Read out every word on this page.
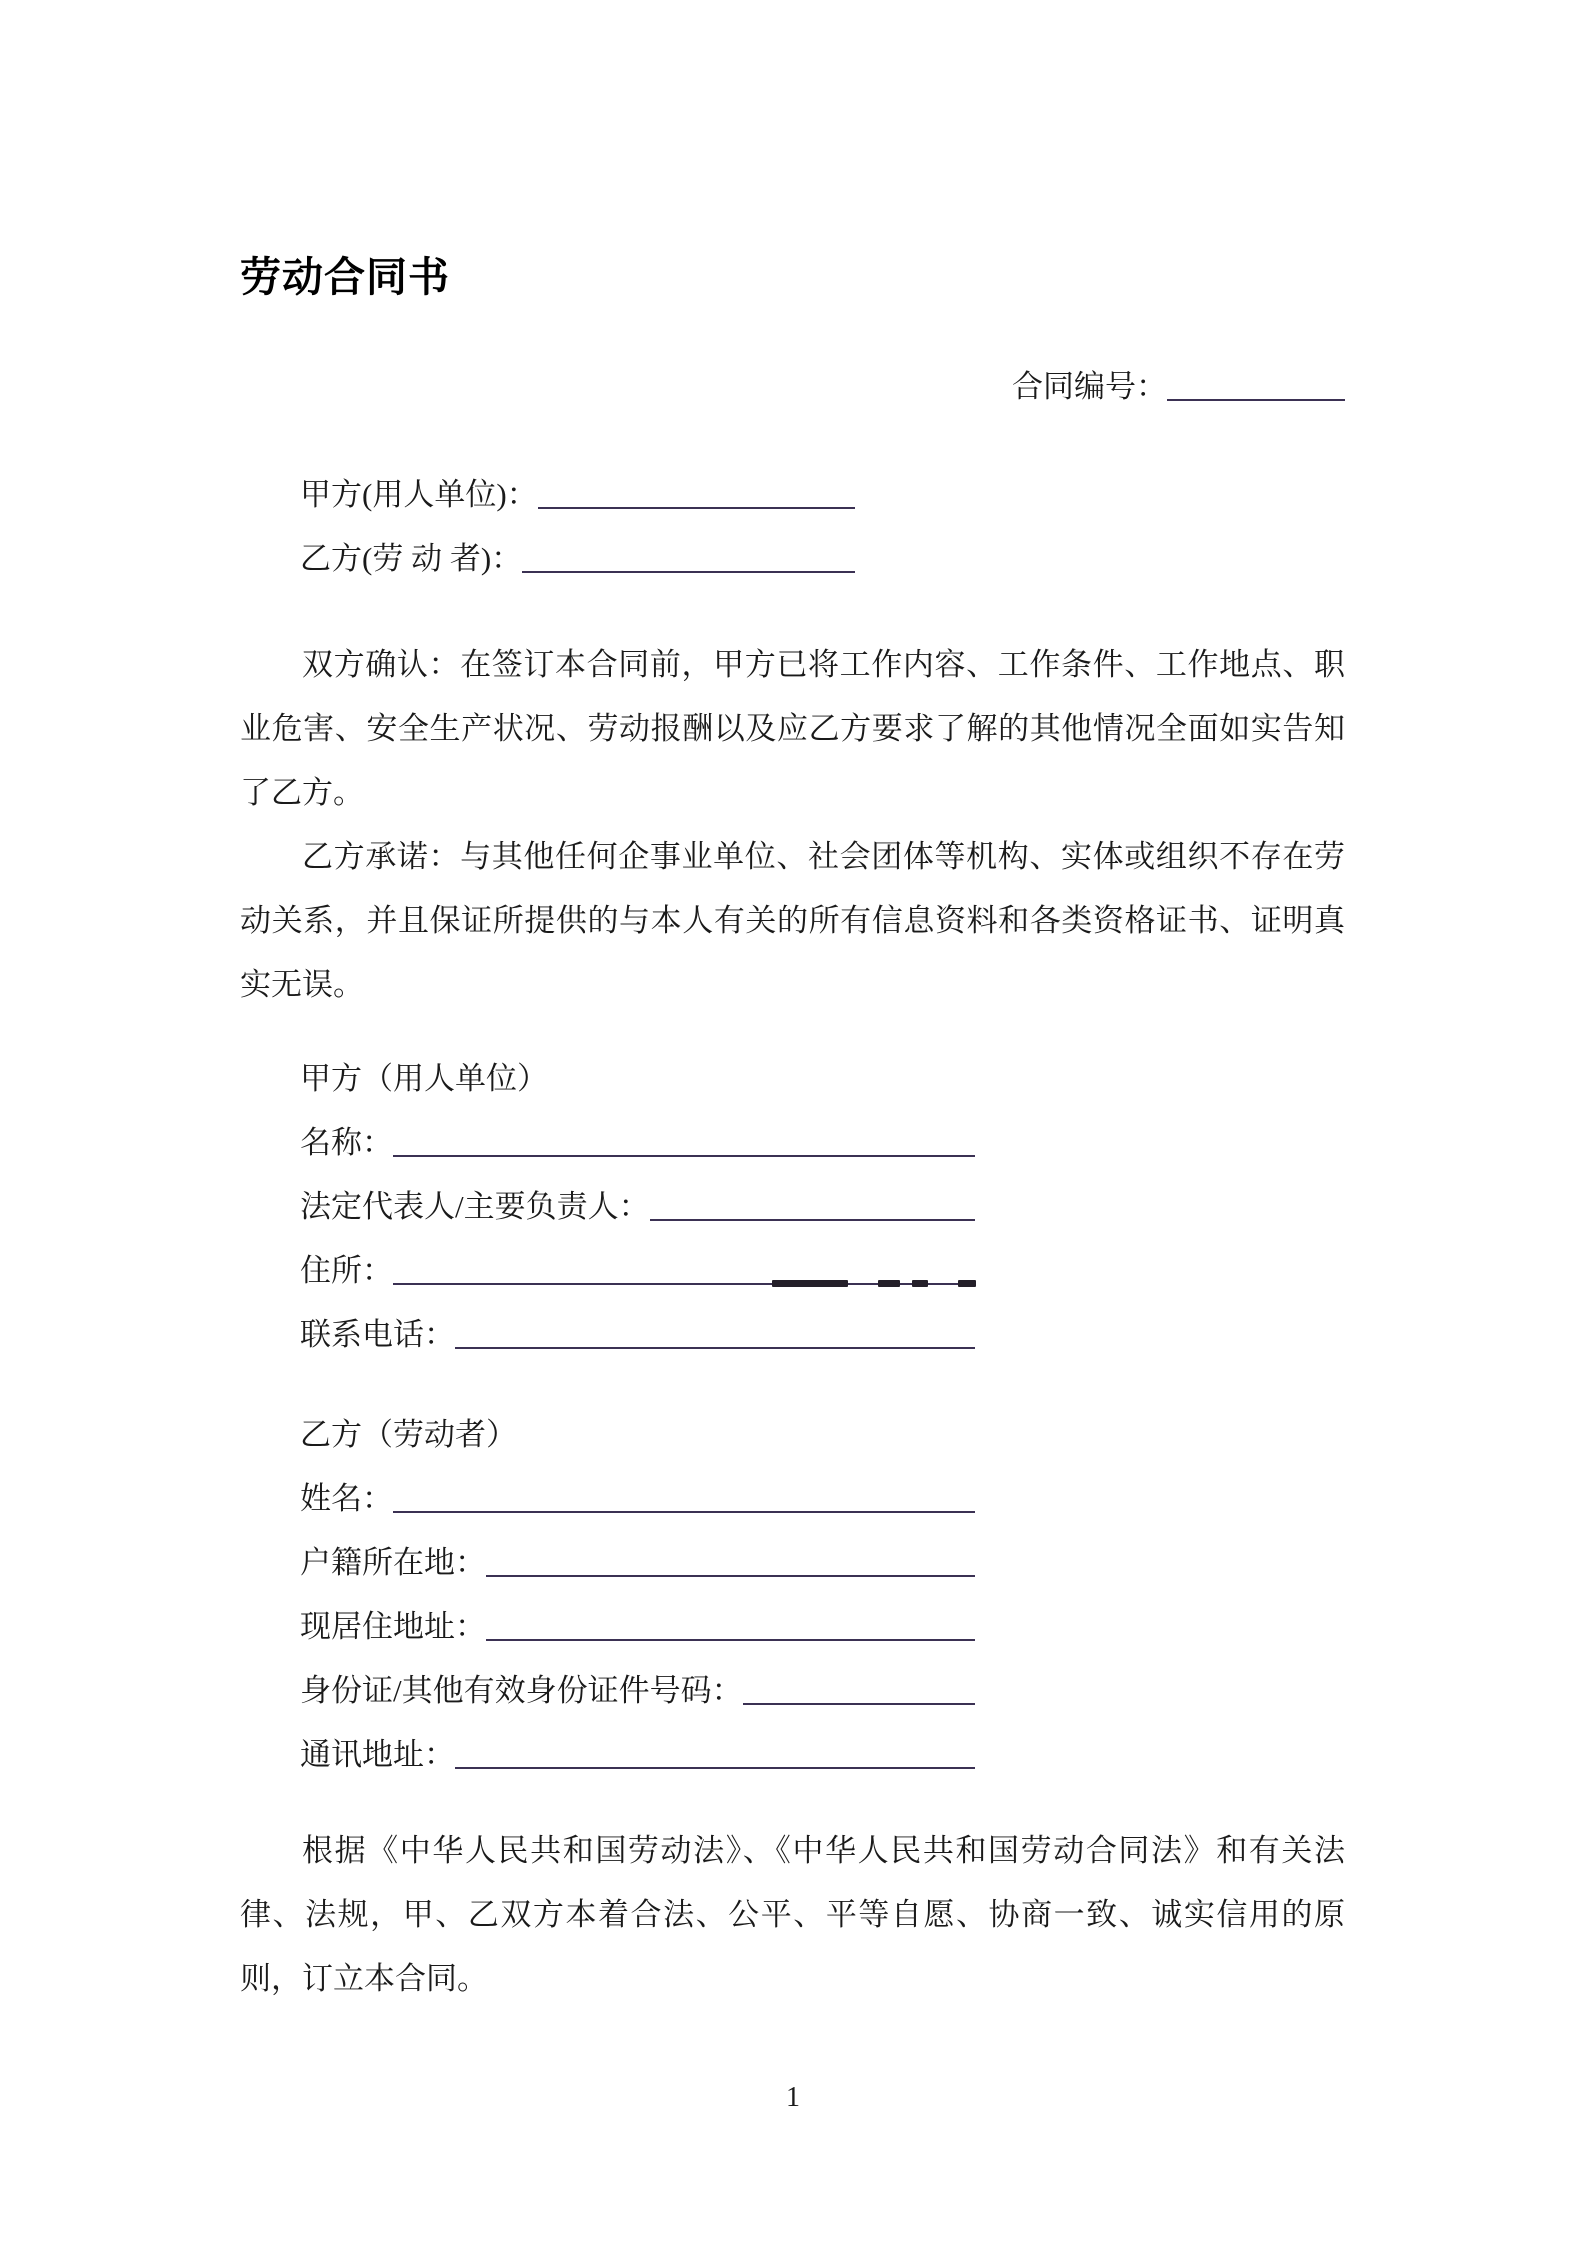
劳动合同书
合同编号：
甲方(用人单位)：
乙方(劳 动 者)：

双方确认：在签订本合同前，甲方已将工作内容、工作条件、工作地点、职业危害、安全生产状况、劳动报酬以及应乙方要求了解的其他情况全面如实告知了乙方。

乙方承诺：与其他任何企事业单位、社会团体等机构、实体或组织不存在劳动关系，并且保证所提供的与本人有关的所有信息资料和各类资格证书、证明真实无误。

甲方（用人单位）
名称：
法定代表人/主要负责人：
住所：
联系电话：
乙方（劳动者）
姓名：
户籍所在地：
现居住地址：
身份证/其他有效身份证件号码：
通讯地址：

根据《中华人民共和国劳动法》、《中华人民共和国劳动合同法》和有关法律、法规，甲、乙双方本着合法、公平、平等自愿、协商一致、诚实信用的原则，订立本合同。

1
